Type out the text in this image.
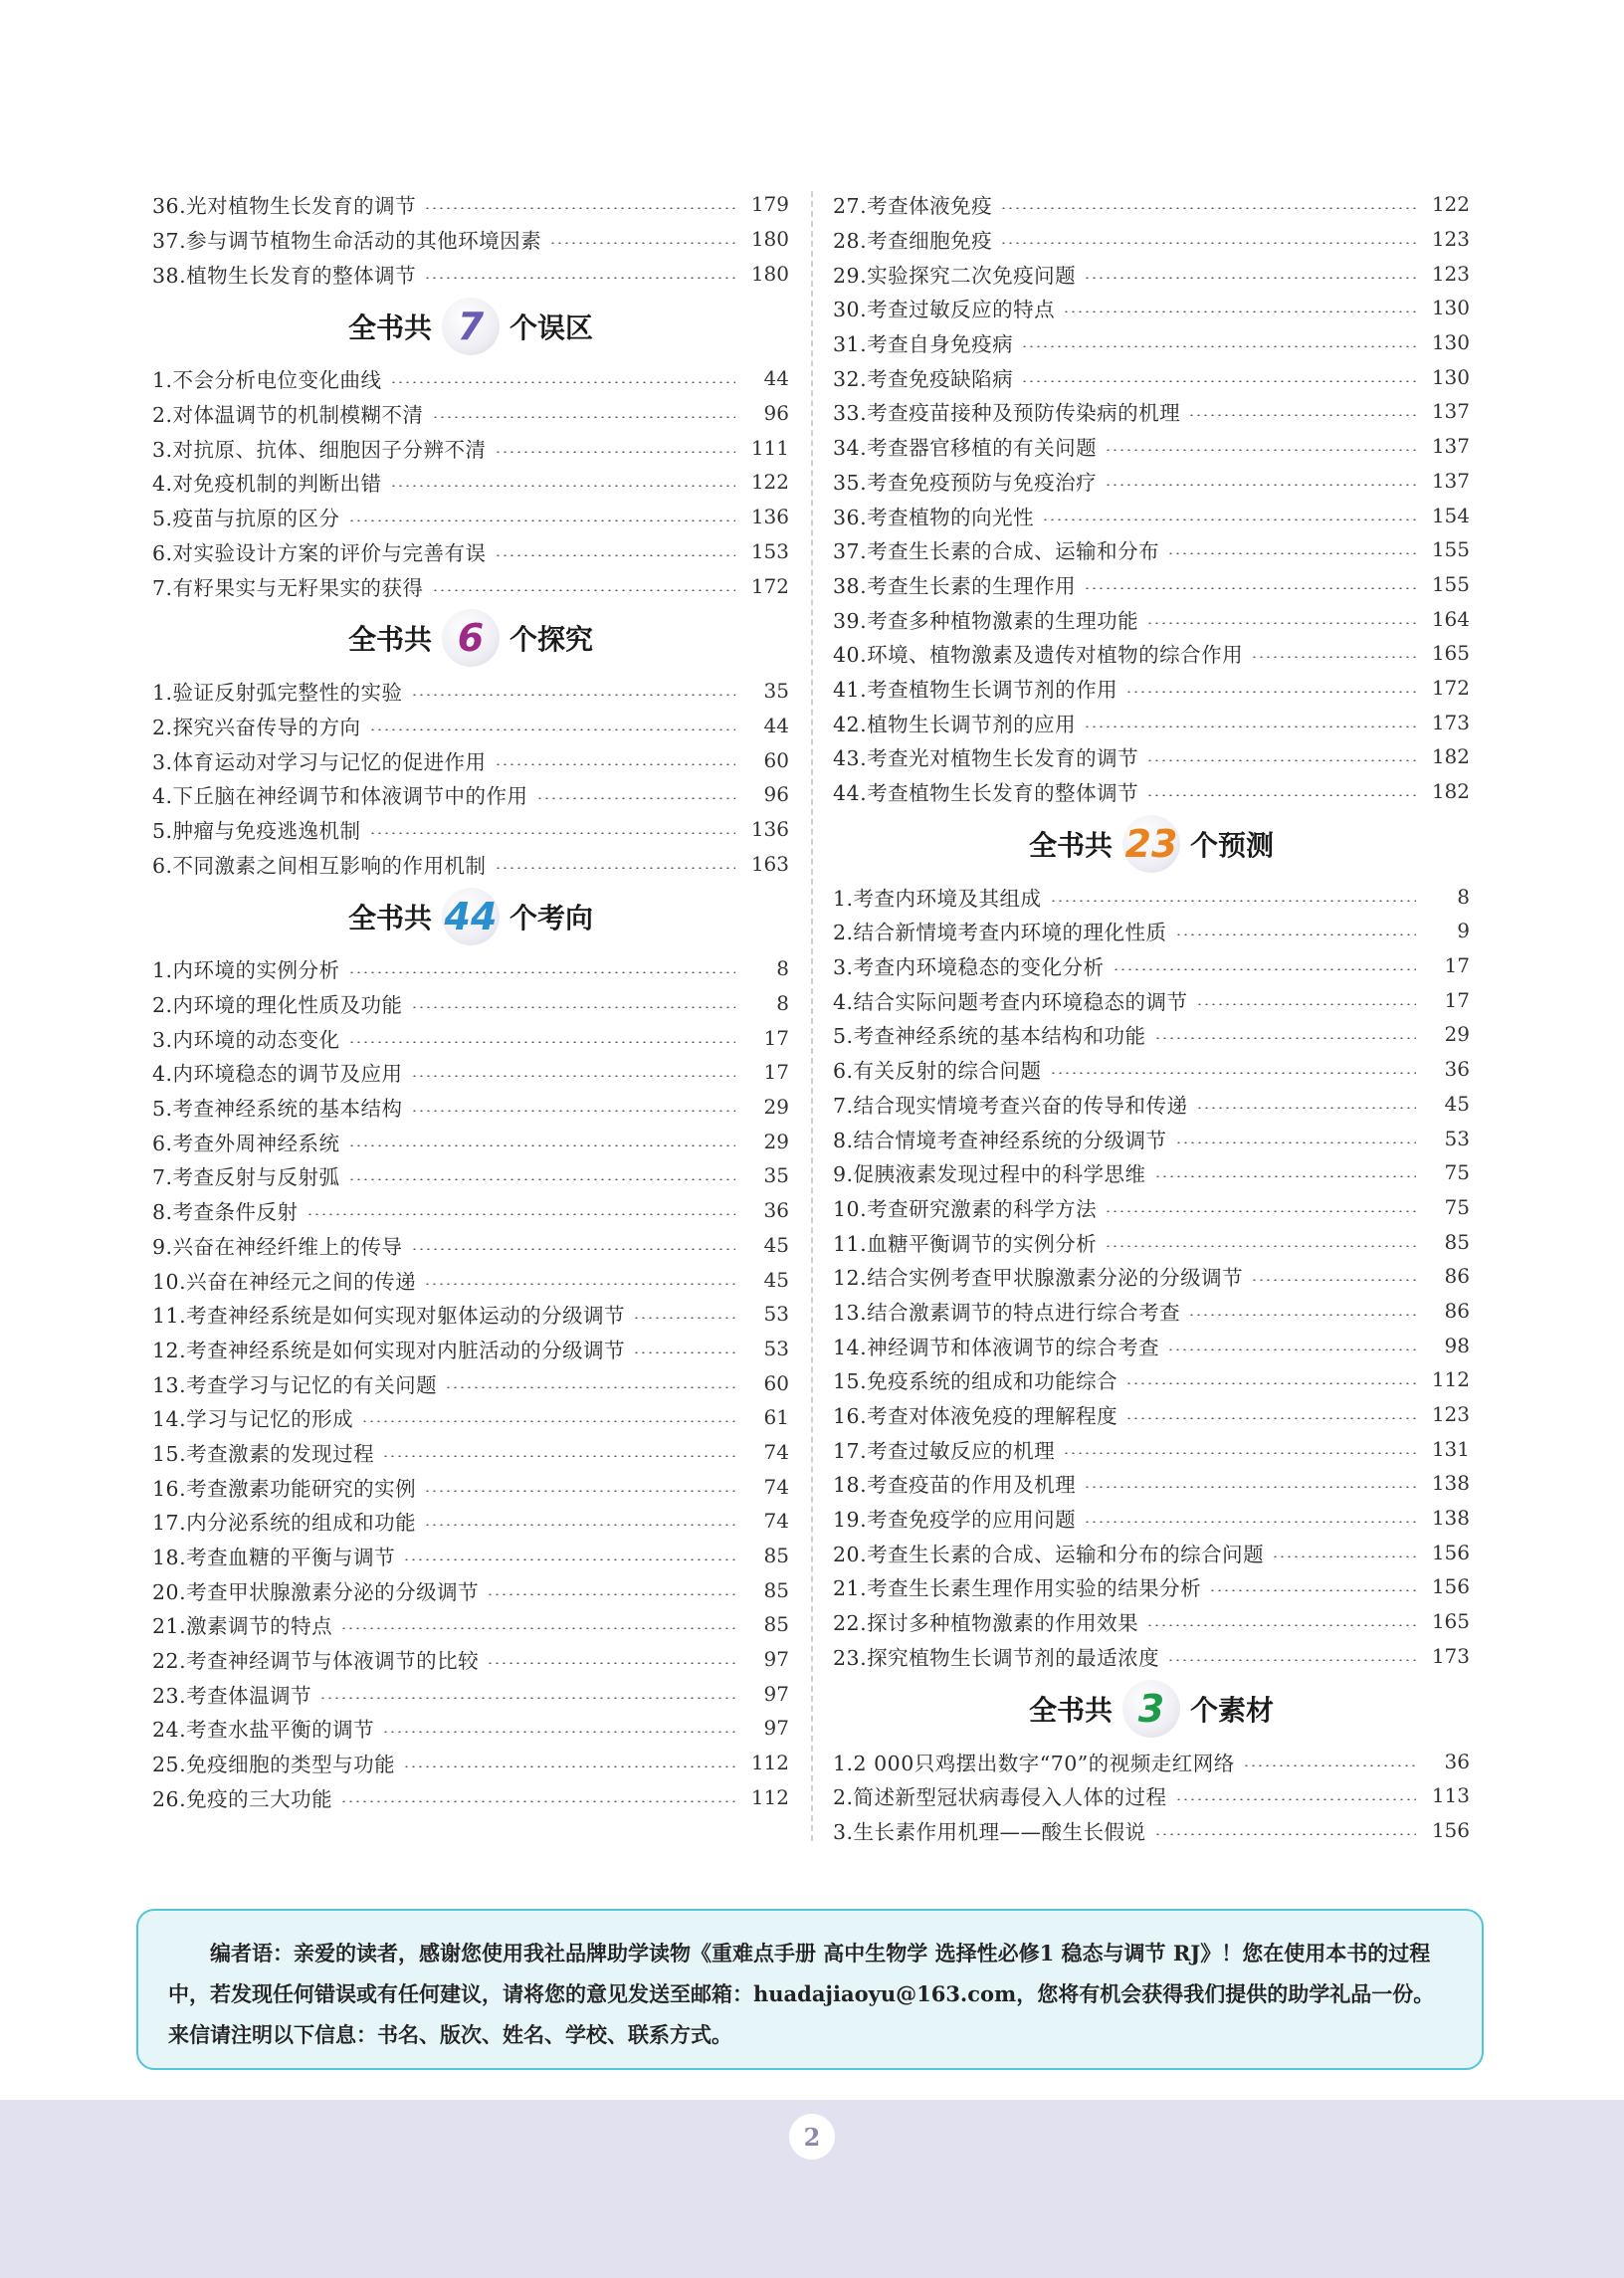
36.光对植物生长发育的调节	179
37.参与调节植物生命活动的其他环境因素	180
38.植物生长发育的整体调节	180
全书共 7 个误区
1.不会分析电位变化曲线	44
2.对体温调节的机制模糊不清	96
3.对抗原、抗体、细胞因子分辨不清	111
4.对免疫机制的判断出错	122
5.疫苗与抗原的区分	136
6.对实验设计方案的评价与完善有误	153
7.有籽果实与无籽果实的获得	172
全书共 6 个探究
1.验证反射弧完整性的实验	35
2.探究兴奋传导的方向	44
3.体育运动对学习与记忆的促进作用	60
4.下丘脑在神经调节和体液调节中的作用	96
5.肿瘤与免疫逃逸机制	136
6.不同激素之间相互影响的作用机制	163
全书共 44 个考向
1.内环境的实例分析	8
2.内环境的理化性质及功能	8
3.内环境的动态变化	17
4.内环境稳态的调节及应用	17
5.考查神经系统的基本结构	29
6.考查外周神经系统	29
7.考查反射与反射弧	35
8.考查条件反射	36
9.兴奋在神经纤维上的传导	45
10.兴奋在神经元之间的传递	45
11.考查神经系统是如何实现对躯体运动的分级调节	53
12.考查神经系统是如何实现对内脏活动的分级调节	53
13.考查学习与记忆的有关问题	60
14.学习与记忆的形成	61
15.考查激素的发现过程	74
16.考查激素功能研究的实例	74
17.内分泌系统的组成和功能	74
18.考查血糖的平衡与调节	85
20.考查甲状腺激素分泌的分级调节	85
21.激素调节的特点	85
22.考查神经调节与体液调节的比较	97
23.考查体温调节	97
24.考查水盐平衡的调节	97
25.免疫细胞的类型与功能	112
26.免疫的三大功能	112
27.考查体液免疫	122
28.考查细胞免疫	123
29.实验探究二次免疫问题	123
30.考查过敏反应的特点	130
31.考查自身免疫病	130
32.考查免疫缺陷病	130
33.考查疫苗接种及预防传染病的机理	137
34.考查器官移植的有关问题	137
35.考查免疫预防与免疫治疗	137
36.考查植物的向光性	154
37.考查生长素的合成、运输和分布	155
38.考查生长素的生理作用	155
39.考查多种植物激素的生理功能	164
40.环境、植物激素及遗传对植物的综合作用	165
41.考查植物生长调节剂的作用	172
42.植物生长调节剂的应用	173
43.考查光对植物生长发育的调节	182
44.考查植物生长发育的整体调节	182
全书共 23 个预测
1.考查内环境及其组成	8
2.结合新情境考查内环境的理化性质	9
3.考查内环境稳态的变化分析	17
4.结合实际问题考查内环境稳态的调节	17
5.考查神经系统的基本结构和功能	29
6.有关反射的综合问题	36
7.结合现实情境考查兴奋的传导和传递	45
8.结合情境考查神经系统的分级调节	53
9.促胰液素发现过程中的科学思维	75
10.考查研究激素的科学方法	75
11.血糖平衡调节的实例分析	85
12.结合实例考查甲状腺激素分泌的分级调节	86
13.结合激素调节的特点进行综合考查	86
14.神经调节和体液调节的综合考查	98
15.免疫系统的组成和功能综合	112
16.考查对体液免疫的理解程度	123
17.考查过敏反应的机理	131
18.考查疫苗的作用及机理	138
19.考查免疫学的应用问题	138
20.考查生长素的合成、运输和分布的综合问题	156
21.考查生长素生理作用实验的结果分析	156
22.探讨多种植物激素的作用效果	165
23.探究植物生长调节剂的最适浓度	173
全书共 3 个素材
1.2 000只鸡摆出数字“70”的视频走红网络	36
2.简述新型冠状病毒侵入人体的过程	113
3.生长素作用机理——酸生长假说	156

编者语：亲爱的读者，感谢您使用我社品牌助学读物《重难点手册 高中生物学 选择性必修1 稳态与调节 RJ》！您在使用本书的过程中，若发现任何错误或有任何建议，请将您的意见发送至邮箱：huadajiaoyu@163.com，您将有机会获得我们提供的助学礼品一份。来信请注明以下信息：书名、版次、姓名、学校、联系方式。

2
